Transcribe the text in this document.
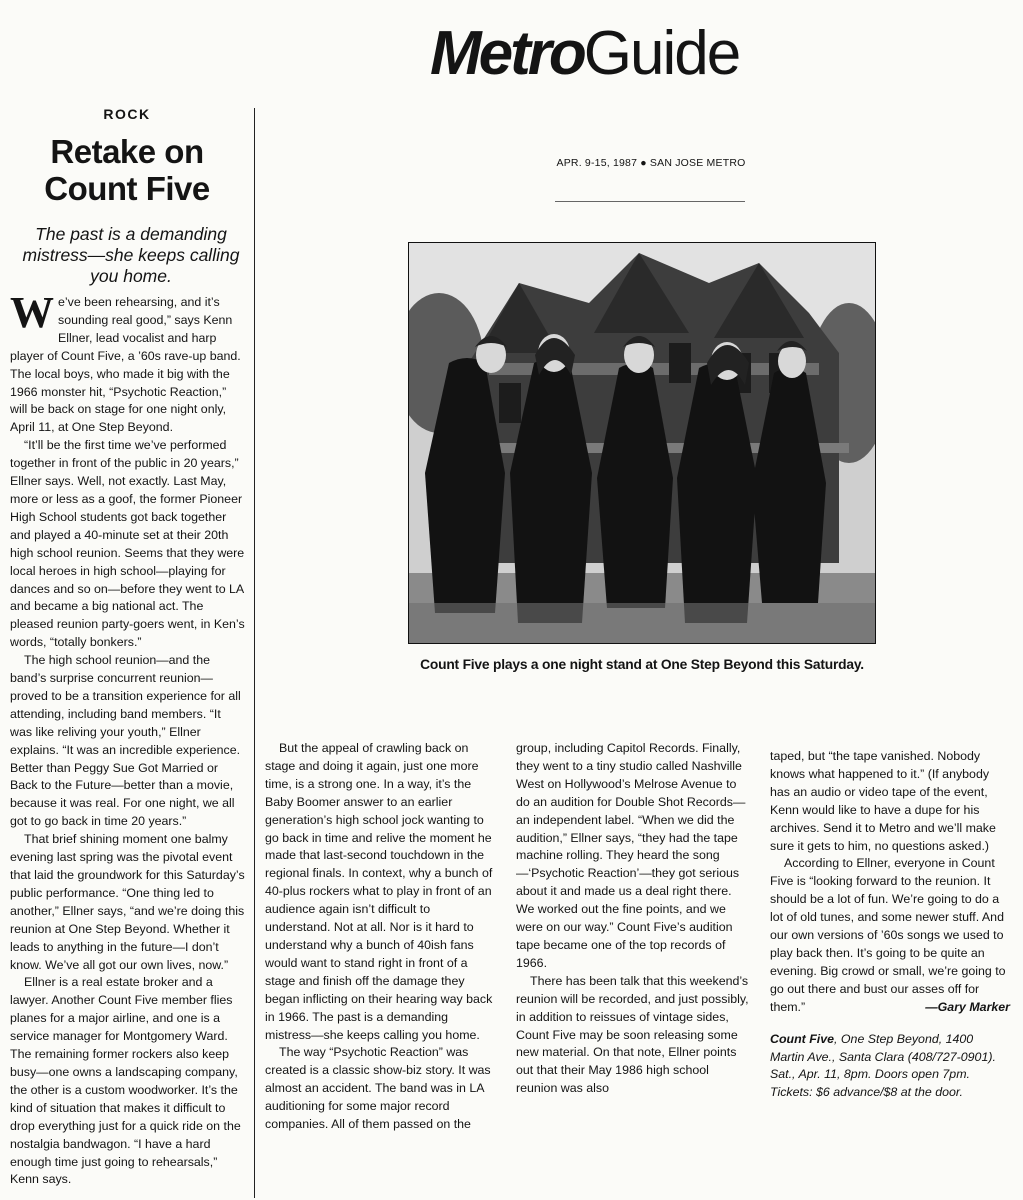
MetroGuide
APR. 9-15, 1987 ● SAN JOSE METRO
ROCK
Retake on Count Five
The past is a demanding mistress—she keeps calling you home.

We’ve been rehearsing, and it’s sounding real good,” says Kenn Ellner, lead vocalist and harp player of Count Five, a ’60s rave-up band. The local boys, who made it big with the 1966 monster hit, “Psychotic Reaction,” will be back on stage for one night only, April 11, at One Step Beyond.

“It’ll be the first time we’ve performed together in front of the public in 20 years,” Ellner says. Well, not exactly. Last May, more or less as a goof, the former Pioneer High School students got back together and played a 40-minute set at their 20th high school reunion. Seems that they were local heroes in high school—playing for dances and so on—before they went to LA and became a big national act. The pleased reunion party-goers went, in Ken’s words, “totally bonkers.”

The high school reunion—and the band’s surprise concurrent reunion—proved to be a transition experience for all attending, including band members. “It was like reliving your youth,” Ellner explains. “It was an incredible experience. Better than Peggy Sue Got Married or Back to the Future—better than a movie, because it was real. For one night, we all got to go back in time 20 years.”

That brief shining moment one balmy evening last spring was the pivotal event that laid the groundwork for this Saturday’s public performance. “One thing led to another,” Ellner says, “and we’re doing this reunion at One Step Beyond. Whether it leads to anything in the future—I don’t know. We’ve all got our own lives, now.”

Ellner is a real estate broker and a lawyer. Another Count Five member flies planes for a major airline, and one is a service manager for Montgomery Ward. The remaining former rockers also keep busy—one owns a landscaping company, the other is a custom woodworker. It’s the kind of situation that makes it difficult to drop everything just for a quick ride on the nostalgia bandwagon. “I have a hard enough time just going to rehearsals,” Kenn says.

Count Five plays a one night stand at One Step Beyond this Saturday.

But the appeal of crawling back on stage and doing it again, just one more time, is a strong one. In a way, it’s the Baby Boomer answer to an earlier generation’s high school jock wanting to go back in time and relive the moment he made that last-second touchdown in the regional finals. In context, why a bunch of 40-plus rockers what to play in front of an audience again isn’t difficult to understand. Not at all. Nor is it hard to understand why a bunch of 40ish fans would want to stand right in front of a stage and finish off the damage they began inflicting on their hearing way back in 1966. The past is a demanding mistress—she keeps calling you home.

The way “Psychotic Reaction” was created is a classic show-biz story. It was almost an accident. The band was in LA auditioning for some major record companies. All of them passed on the

group, including Capitol Records. Finally, they went to a tiny studio called Nashville West on Hollywood’s Melrose Avenue to do an audition for Double Shot Records—an independent label. “When we did the audition,” Ellner says, “they had the tape machine rolling. They heard the song—‘Psychotic Reaction’—they got serious about it and made us a deal right there. We worked out the fine points, and we were on our way.” Count Five’s audition tape became one of the top records of 1966.

There has been talk that this weekend’s reunion will be recorded, and just possibly, in addition to reissues of vintage sides, Count Five may be soon releasing some new material. On that note, Ellner points out that their May 1986 high school reunion was also

taped, but “the tape vanished. Nobody knows what happened to it.” (If anybody has an audio or video tape of the event, Kenn would like to have a dupe for his archives. Send it to Metro and we’ll make sure it gets to him, no questions asked.)

According to Ellner, everyone in Count Five is “looking forward to the reunion. It should be a lot of fun. We’re going to do a lot of old tunes, and some newer stuff. And our own versions of ’60s songs we used to play back then. It’s going to be quite an evening. Big crowd or small, we’re going to go out there and bust our asses off for them.”	—Gary Marker

Count Five, One Step Beyond, 1400 Martin Ave., Santa Clara (408/727-0901). Sat., Apr. 11, 8pm. Doors open 7pm. Tickets: $6 advance/$8 at the door.
